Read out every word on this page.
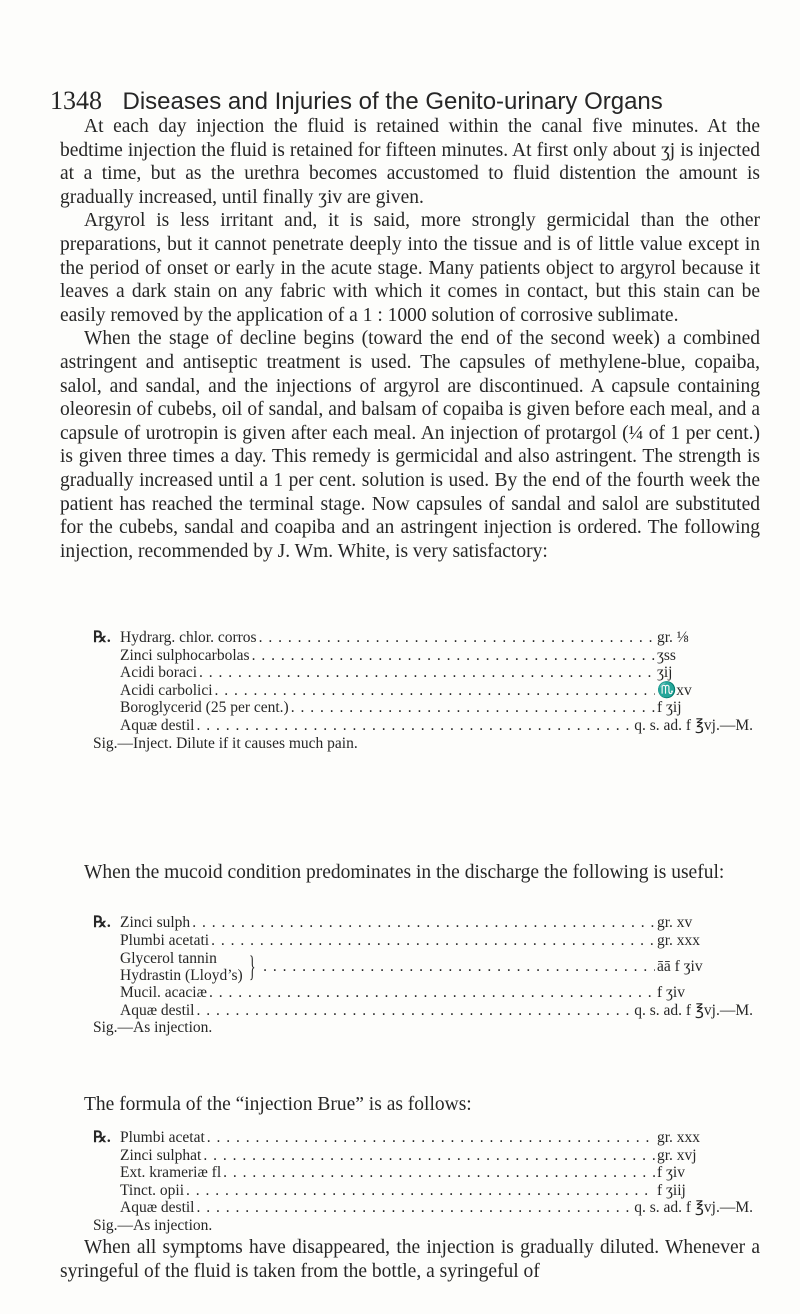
1348 Diseases and Injuries of the Genito-urinary Organs

At each day injection the fluid is retained within the canal five minutes. At the bedtime injection the fluid is retained for fifteen minutes. At first only about ʒj is injected at a time, but as the urethra becomes accustomed to fluid distention the amount is gradually increased, until finally ʒiv are given.

Argyrol is less irritant and, it is said, more strongly germicidal than the other preparations, but it cannot penetrate deeply into the tissue and is of little value except in the period of onset or early in the acute stage. Many patients object to argyrol because it leaves a dark stain on any fabric with which it comes in contact, but this stain can be easily removed by the application of a 1 : 1000 solution of corrosive sublimate.

When the stage of decline begins (toward the end of the second week) a combined astringent and antiseptic treatment is used. The capsules of methylene-blue, copaiba, salol, and sandal, and the injections of argyrol are discontinued. A capsule containing oleoresin of cubebs, oil of sandal, and balsam of copaiba is given before each meal, and a capsule of urotropin is given after each meal. An injection of protargol (¼ of 1 per cent.) is given three times a day. This remedy is germicidal and also astringent. The strength is gradually increased until a 1 per cent. solution is used. By the end of the fourth week the patient has reached the terminal stage. Now capsules of sandal and salol are substituted for the cubebs, sandal and coapiba and an astringent injection is ordered. The following injection, recommended by J. Wm. White, is very satisfactory:

℞. Hydrarg. chlor. corros . . .	gr. ⅛
Zinci sulphocarbolas . . .	ʒss
Acidi boraci . . .	ʒij
Acidi carbolici . . .	♏xv
Boroglycerid (25 per cent.) . . .	f ʒij
Aquæ destil . . .	q. s. ad. f ℥vj.—M.
Sig.—Inject. Dilute if it causes much pain.

When the mucoid condition predominates in the discharge the following is useful:

℞. Zinci sulph . . .	gr. xv
Plumbi acetati . . .	gr. xxx
Glycerol tannin
Hydrastin (Lloyd’s) } . . .	āā f ʒiv
Mucil. acaciæ . . .	f ʒiv
Aquæ destil . . .	q. s. ad. f ℥vj.—M.
Sig.—As injection.

The formula of the “injection Brue” is as follows:

℞. Plumbi acetat . . .	gr. xxx
Zinci sulphat . . .	gr. xvj
Ext. krameriæ fl . . .	f ʒiv
Tinct. opii . . .	f ʒiij
Aquæ destil . . .	q. s. ad. f ℥vj.—M.
Sig.—As injection.

When all symptoms have disappeared, the injection is gradually diluted. Whenever a syringeful of the fluid is taken from the bottle, a syringeful of
